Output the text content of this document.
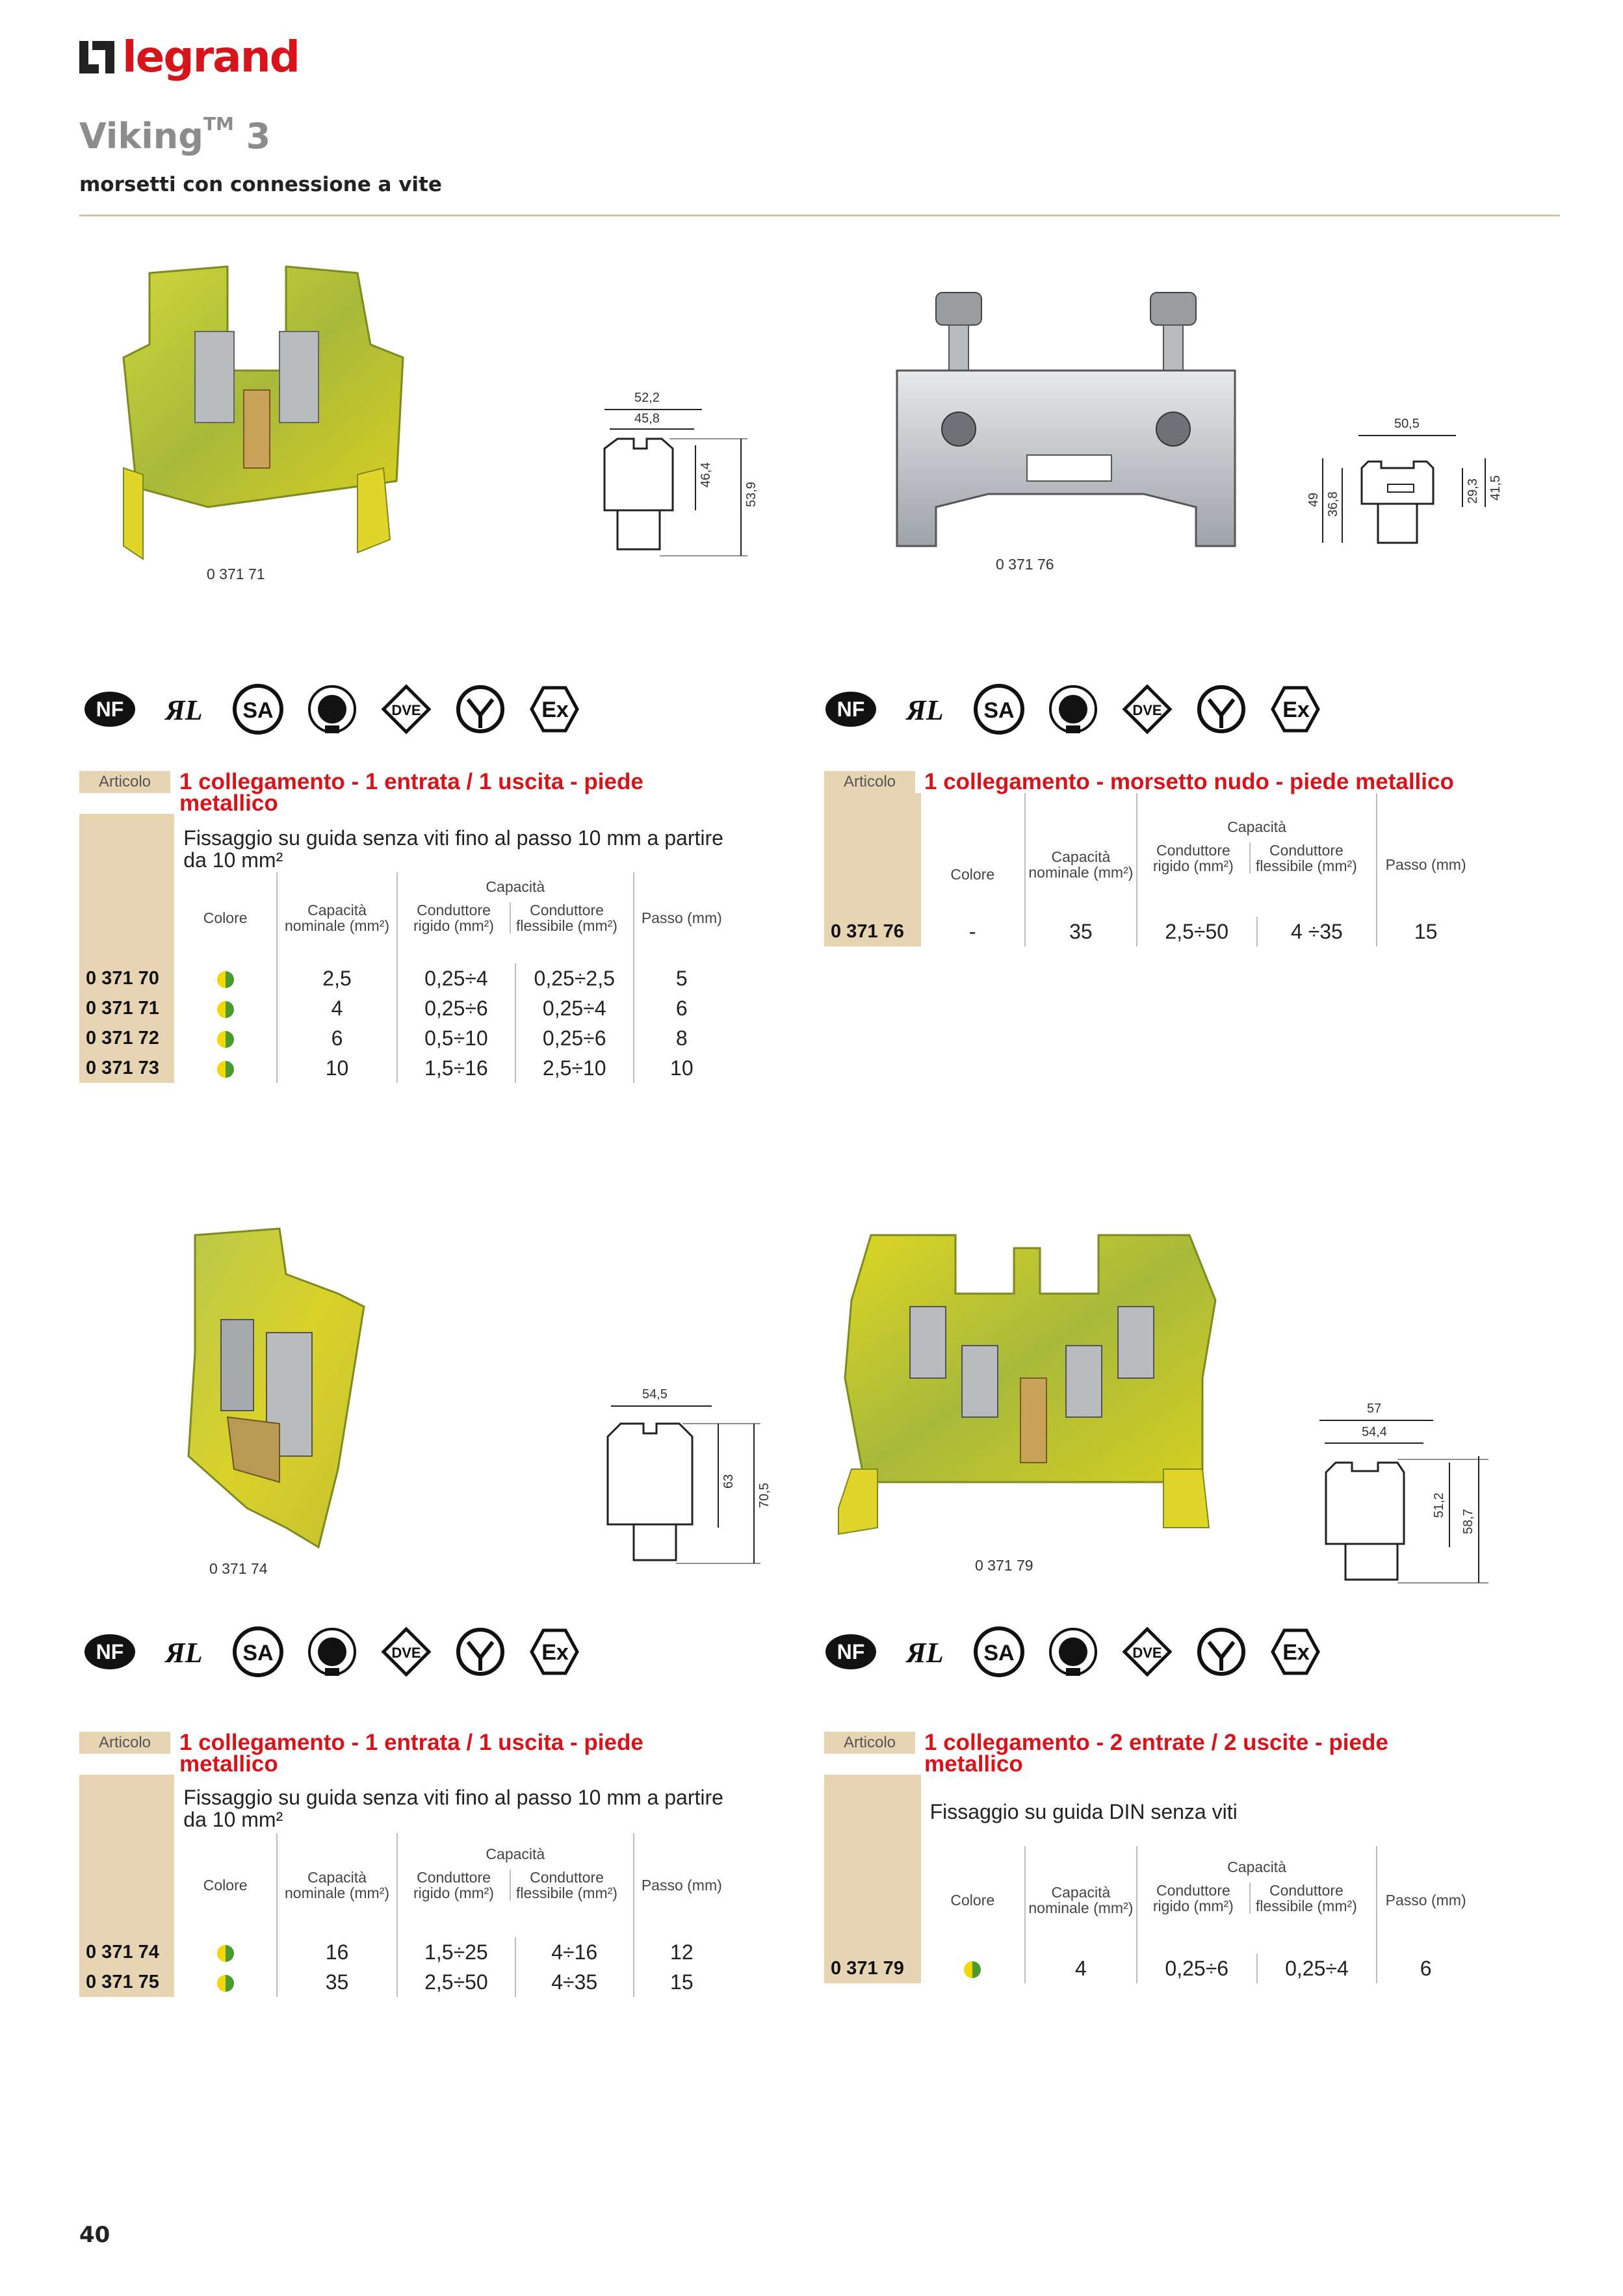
legrand
Viking™ 3
morsetti con connessione a vite
0 371 71
52,2
45,8
46,4
53,9
0 371 76
50,5
49 36,8
29,3 41,5
NF ЯL SA	DVE	Ex	NF ЯL SA	DVE	Ex
Articolo	1 collegamento - 1 entrata / 1 uscita - piede metallico
	Fissaggio su guida senza viti fino al passo 10 mm a partire da 10 mm²				
	Colore	Capacità nominale (mm²)	Capacità
Conduttore rigido (mm²)
Conduttore flessibile (mm²)		Passo (mm)
0 371 70		2,5	0,25÷4	0,25÷2,5	5
0 371 71		4	0,25÷6	0,25÷4	6
0 371 72		6	0,5÷10	0,25÷6	8
0 371 73		10	1,5÷16	2,5÷10	10
Articolo	1 collegamento - morsetto nudo - piede metallico
	Colore	Capacità nominale (mm²)	Capacità
Conduttore rigido (mm²)
Conduttore flessibile (mm²)		Passo (mm)
0 371 76	-	35	2,5÷50	4 ÷35	15
0 371 74
54,5
63
70,5
0 371 79
57
54,4
51,2
58,7
NF ЯL SA	DVE	Ex	NF ЯL SA	DVE	Ex
Articolo	1 collegamento - 1 entrata / 1 uscita - piede metallico
	Fissaggio su guida senza viti fino al passo 10 mm a partire da 10 mm²				
	Colore	Capacità nominale (mm²)	Capacità
Conduttore rigido (mm²)
Conduttore flessibile (mm²)		Passo (mm)
0 371 74		16	1,5÷25	4÷16	12
0 371 75		35	2,5÷50	4÷35	15
Articolo	1 collegamento - 2 entrate / 2 uscite - piede metallico
	Fissaggio su guida DIN senza viti				
	Colore	Capacità nominale (mm²)	Capacità
Conduttore rigido (mm²)
Conduttore flessibile (mm²)		Passo (mm)
0 371 79		4	0,25÷6	0,25÷4	6
40
